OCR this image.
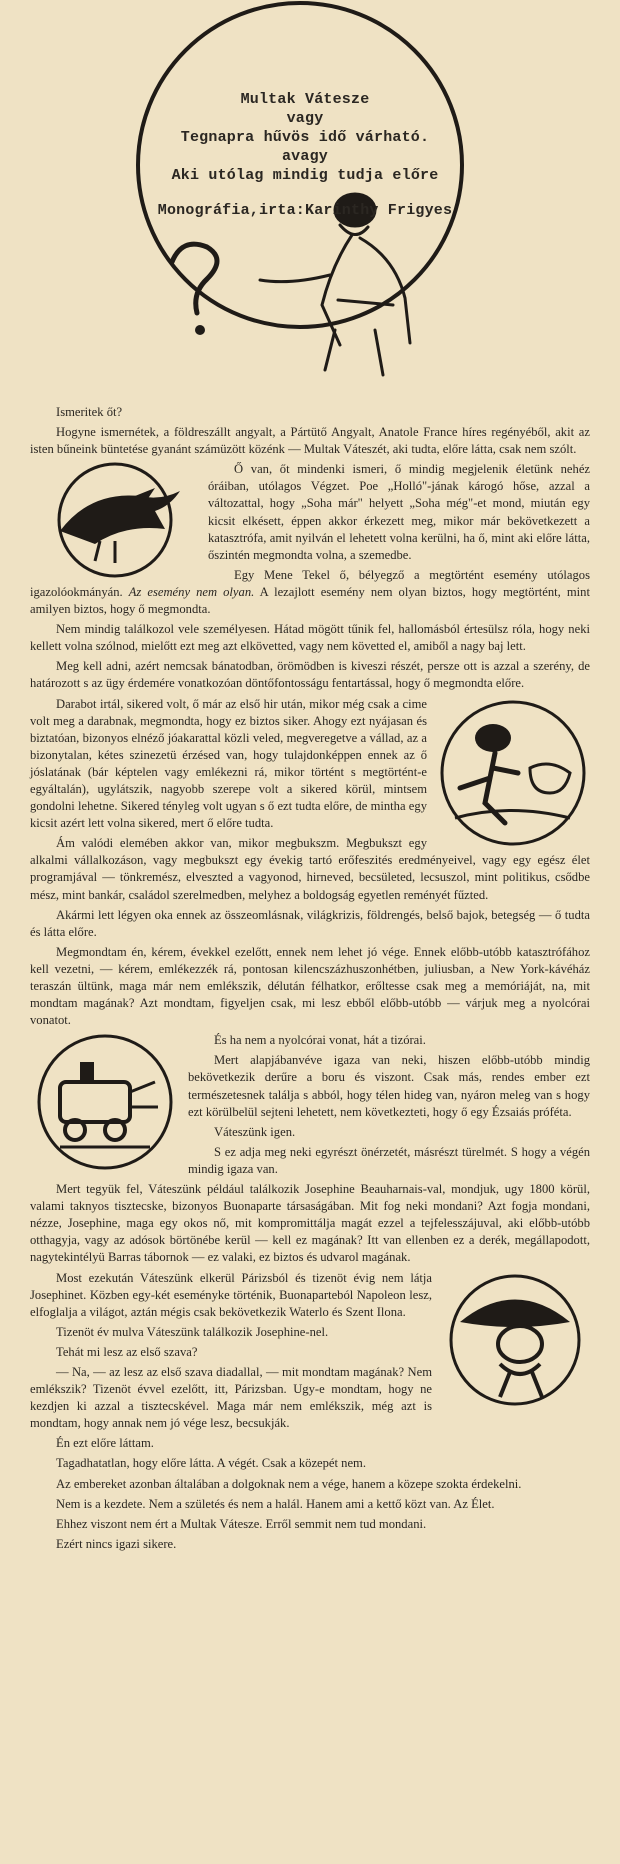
Multak Vátesze
vagy
Tegnapra hűvös idő várható.
avagy
Aki utólag mindig tudja előre
Monográfia,irta:Karinthy Frigyes

Ismeritek őt?

Hogyne ismernétek, a földreszállt angyalt, a Pártütő Angyalt, Anatole France híres regényéből, akit az isten bűneink büntetése gyanánt számüzött közénk — Multak Váteszét, aki tudta, előre látta, csak nem szólt.

Ő van, őt mindenki ismeri, ő mindig megjelenik életünk nehéz óráiban, utólagos Végzet. Poe „Holló"-jának károgó hőse, azzal a változattal, hogy „Soha már" helyett „Soha még"-et mond, miután egy kicsit elkésett, éppen akkor érkezett meg, mikor már bekövetkezett a katasztrófa, amit nyilván el lehetett volna kerülni, ha ő, mint aki előre látta, őszintén megmondta volna, a szemedbe.

Egy Mene Tekel ő, bélyegző a megtörtént esemény utólagos igazolóokmányán. Az esemény nem olyan. A lezajlott esemény nem olyan biztos, hogy megtörtént, mint amilyen biztos, hogy ő megmondta.

Nem mindig találkozol vele személyesen. Hátad mögött tűnik fel, hallomásból értesülsz róla, hogy neki kellett volna szólnod, mielőtt ezt meg azt elkövetted, vagy nem követted el, amiből a nagy baj lett.

Meg kell adni, azért nemcsak bánatodban, örömödben is kiveszi részét, persze ott is azzal a szerény, de határozott s az ügy érdemére vonatkozóan döntőfontosságu fentartással, hogy ő megmondta előre.

Darabot irtál, sikered volt, ő már az első hir után, mikor még csak a cime volt meg a darabnak, megmondta, hogy ez biztos siker. Ahogy ezt nyájasan és biztatóan, bizonyos elnéző jóakarattal közli veled, megveregetve a vállad, az a bizonytalan, kétes szinezetü érzésed van, hogy tulajdonképpen ennek az ő jóslatának (bár képtelen vagy emlékezni rá, mikor történt s megtörtént-e egyáltalán), ugylátszik, nagyobb szerepe volt a sikered körül, mintsem gondolni lehetne. Sikered tényleg volt ugyan s ő ezt tudta előre, de mintha egy kicsit azért lett volna sikered, mert ő előre tudta.

Ám valódi elemében akkor van, mikor megbukszm. Megbukszt egy alkalmi vállalkozáson, vagy megbukszt egy évekig tartó erőfeszités eredményeivel, vagy egy egész élet programjával — tönkremész, elveszted a vagyonod, hirneved, becsületed, lecsuszol, mint politikus, csődbe mész, mint bankár, családol szerelmedben, melyhez a boldogság egyetlen reményét fűzted.

Akármi lett légyen oka ennek az összeomlásnak, világkrizis, földrengés, belső bajok, betegség — ő tudta és látta előre.

Megmondtam én, kérem, évekkel ezelőtt, ennek nem lehet jó vége. Ennek előbb-utóbb katasztrófához kell vezetni, — kérem, emlékezzék rá, pontosan kilencszázhuszonhétben, juliusban, a New York-kávéház teraszán ültünk, maga már nem emlékszik, délután félhatkor, erőltesse csak meg a memóriáját, na, mit mondtam magának? Azt mondtam, figyeljen csak, mi lesz ebből előbb-utóbb — várjuk meg a nyolcórai vonatot.

És ha nem a nyolcórai vonat, hát a tizórai.

Mert alapjábanvéve igaza van neki, hiszen előbb-utóbb mindig bekövetkezik derűre a boru és viszont. Csak más, rendes ember ezt természetesnek találja s abból, hogy télen hideg van, nyáron meleg van s hogy ezt körülbelül sejteni lehetett, nem következteti, hogy ő egy Ézsaiás próféta.

Váteszünk igen.

S ez adja meg neki egyrészt önérzetét, másrészt türelmét. S hogy a végén mindig igaza van.

Mert tegyük fel, Váteszünk például találkozik Josephine Beauharnais-val, mondjuk, ugy 1800 körül, valami taknyos tisztecske, bizonyos Buonaparte társaságában. Mit fog neki mondani? Azt fogja mondani, nézze, Josephine, maga egy okos nő, mit kompromittálja magát ezzel a tejfelesszájuval, aki előbb-utóbb otthagyja, vagy az adósok börtönébe kerül — kell ez magának? Itt van ellenben ez a derék, megállapodott, nagytekintélyü Barras tábornok — ez valaki, ez biztos és udvarol magának.

Most ezekután Váteszünk elkerül Párizsból és tizenöt évig nem látja Josephinet. Közben egy-két eseményke történik, Buonaparteból Napoleon lesz, elfoglalja a világot, aztán mégis csak bekövetkezik Waterlo és Szent Ilona.

Tizenöt év mulva Váteszünk találkozik Josephine-nel.

Tehát mi lesz az első szava?

— Na, — az lesz az első szava diadallal, — mit mondtam magának? Nem emlékszik? Tizenöt évvel ezelőtt, itt, Párizsban. Ugy-e mondtam, hogy ne kezdjen ki azzal a tisztecskével. Maga már nem emlékszik, még azt is mondtam, hogy annak nem jó vége lesz, becsukják.

Én ezt előre láttam.

Tagadhatatlan, hogy előre látta. A végét. Csak a közepét nem.

Az embereket azonban általában a dolgoknak nem a vége, hanem a közepe szokta érdekelni.

Nem is a kezdete. Nem a születés és nem a halál. Hanem ami a kettő közt van. Az Élet.

Ehhez viszont nem ért a Multak Vátesze. Erről semmit nem tud mondani.

Ezért nincs igazi sikere.
